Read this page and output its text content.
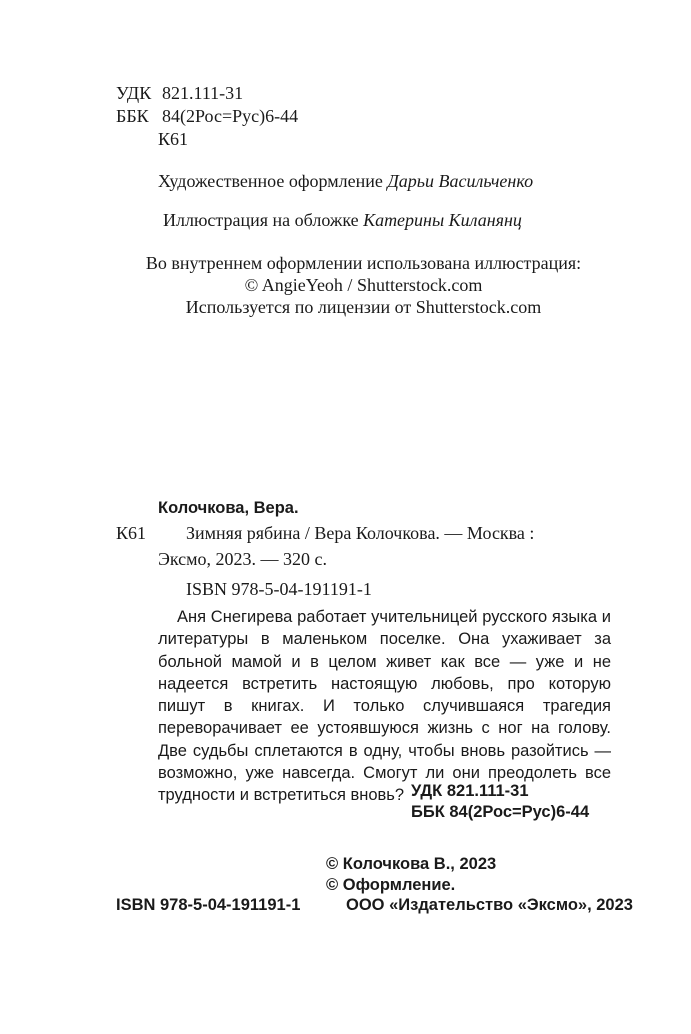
УДК 821.111-31
ББК 84(2Рос=Рус)6-44
К61
Художественное оформление Дарьи Васильченко
Иллюстрация на обложке Катерины Киланянц
Во внутреннем оформлении использована иллюстрация:
© AngieYeoh / Shutterstock.com
Используется по лицензии от Shutterstock.com
Колочкова, Вера.
К61 Зимняя рябина / Вера Колочкова. — Москва :
Эксмо, 2023. — 320 с.
ISBN 978-5-04-191191-1

Аня Снегирева работает учительницей русского языка и литературы в маленьком поселке. Она ухаживает за больной мамой и в целом живет как все — уже и не надеется встретить настоящую любовь, про которую пишут в книгах. И только случившаяся трагедия переворачивает ее устоявшуюся жизнь с ног на голову. Две судьбы сплетаются в одну, чтобы вновь разойтись — возможно, уже навсегда. Смогут ли они преодолеть все трудности и встретиться вновь? УДК 821.111-31
ББК 84(2Рос=Рус)6-44
© Колочкова В., 2023
© Оформление.
ISBN 978-5-04-191191-1	ООО «Издательство «Эксмо», 2023
